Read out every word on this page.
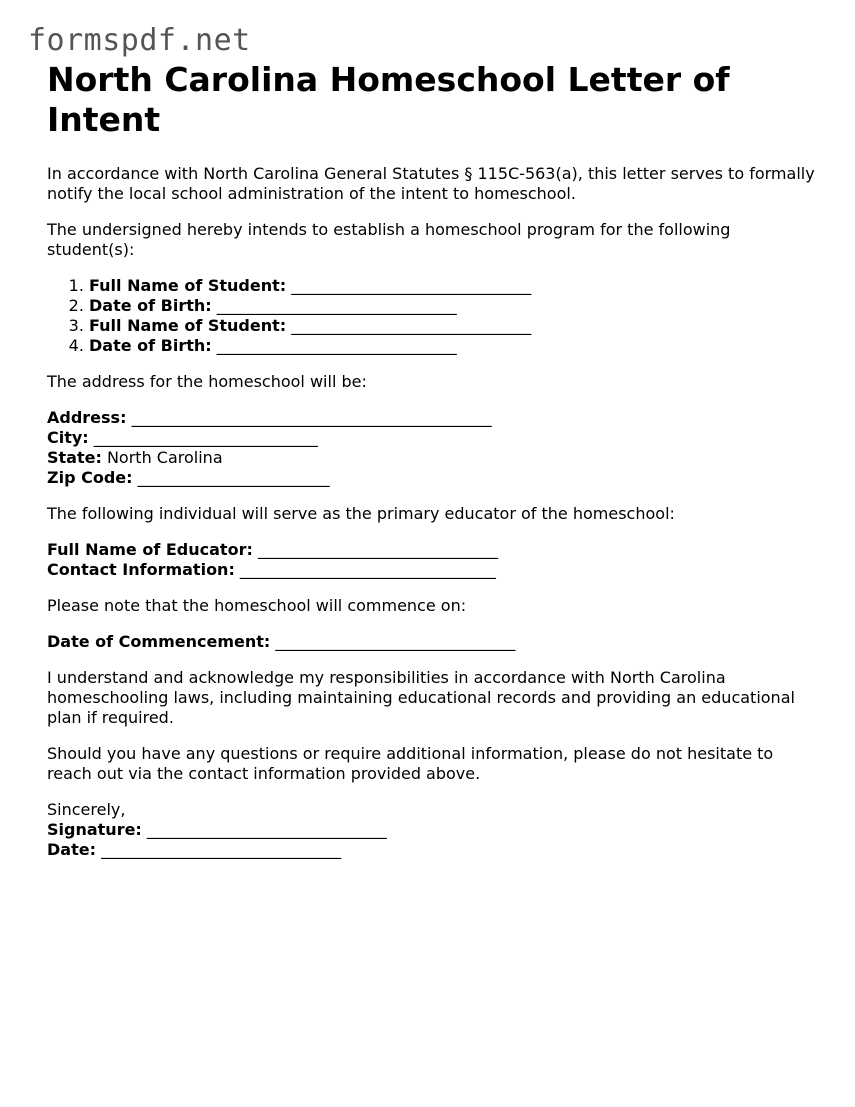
formspdf.net
North Carolina Homeschool Letter of Intent

In accordance with North Carolina General Statutes § 115C-563(a), this letter serves to formally notify the local school administration of the intent to homeschool.

The undersigned hereby intends to establish a homeschool program for the following student(s):

1. Full Name of Student: ______________________________
2. Date of Birth: ______________________________
3. Full Name of Student: ______________________________
4. Date of Birth: ______________________________

The address for the homeschool will be:

Address: _____________________________________________
City: ____________________________
State: North Carolina
Zip Code: ________________________

The following individual will serve as the primary educator of the homeschool:

Full Name of Educator: ______________________________
Contact Information: ________________________________

Please note that the homeschool will commence on:

Date of Commencement: ______________________________

I understand and acknowledge my responsibilities in accordance with North Carolina homeschooling laws, including maintaining educational records and providing an educational plan if required.

Should you have any questions or require additional information, please do not hesitate to reach out via the contact information provided above.

Sincerely,
Signature: ______________________________
Date: ______________________________
